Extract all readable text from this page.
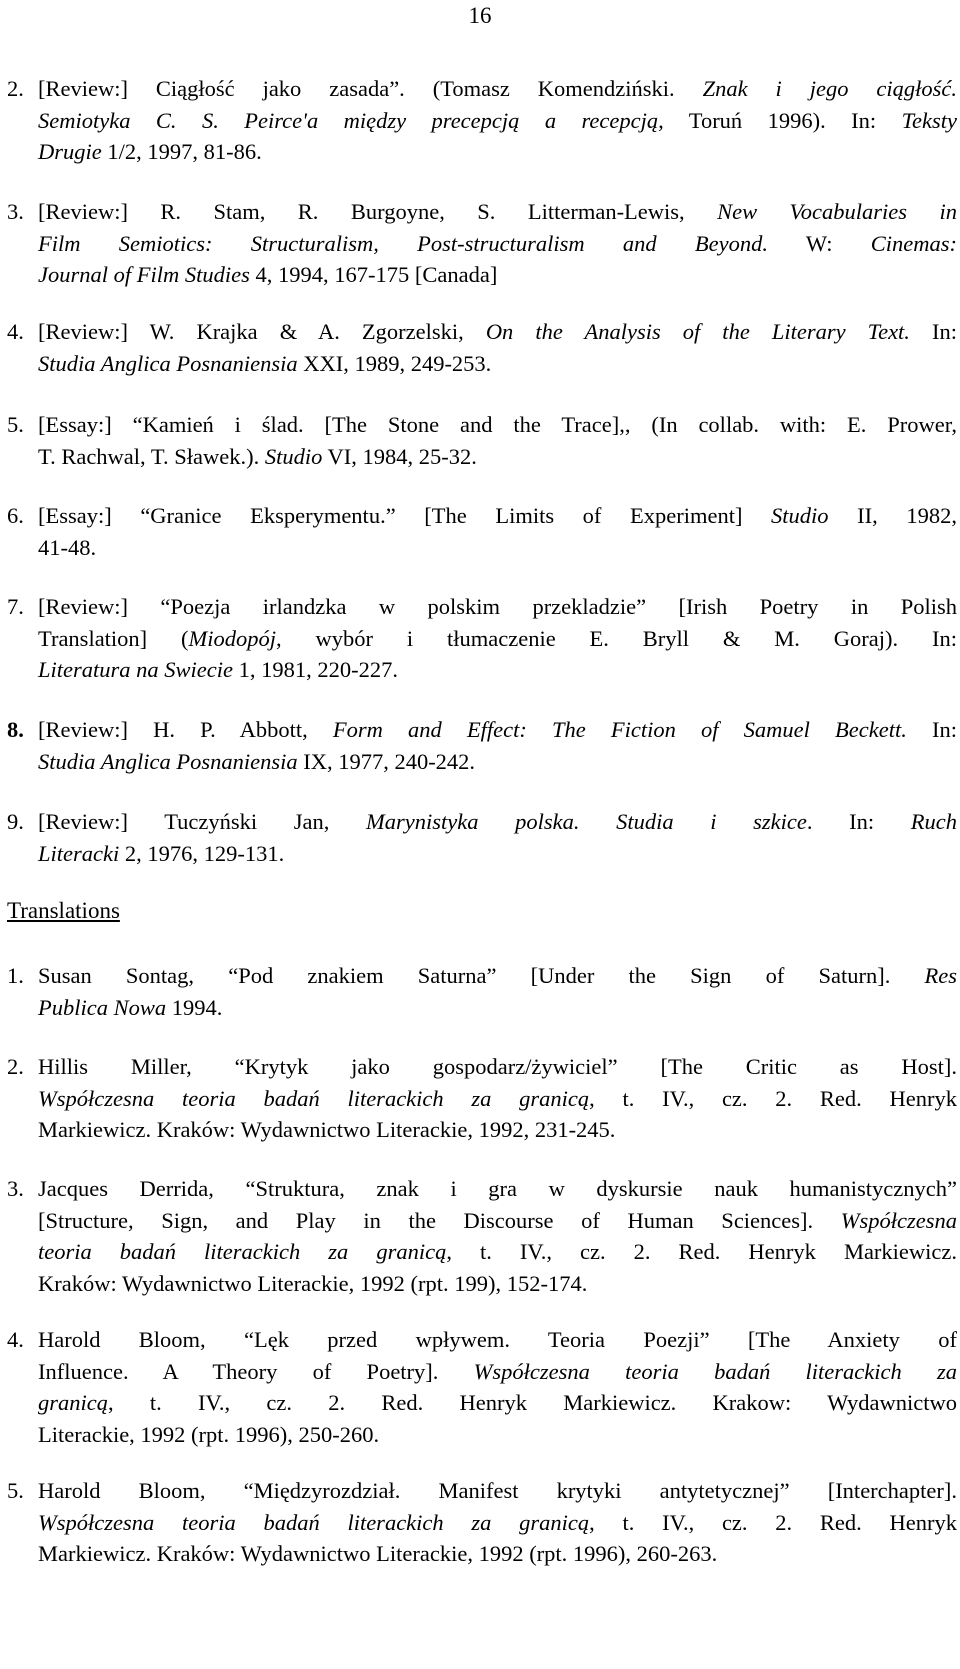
16
2. [Review:] Ciągłość jako zasada”. (Tomasz Komendziński. Znak i jego ciągłość.
Semiotyka C. S. Peirce'a między precepcją a recepcją, Toruń 1996). In: Teksty
Drugie 1/2, 1997, 81-86.
3. [Review:] R. Stam, R. Burgoyne, S. Litterman-Lewis, New Vocabularies in
Film Semiotics: Structuralism, Post-structuralism and Beyond. W: Cinemas:
Journal of Film Studies 4, 1994, 167-175 [Canada]
4. [Review:] W. Krajka & A. Zgorzelski, On the Analysis of the Literary Text. In:
Studia Anglica Posnaniensia XXI, 1989, 249-253.
5. [Essay:] “Kamień i ślad. [The Stone and the Trace],, (In collab. with: E. Prower,
T. Rachwal, T. Sławek.). Studio VI, 1984, 25-32.
6. [Essay:] “Granice Eksperymentu.” [The Limits of Experiment] Studio II, 1982,
41-48.
7. [Review:] “Poezja irlandzka w polskim przekladzie” [Irish Poetry in Polish
Translation] (Miodopój, wybór i tłumaczenie E. Bryll & M. Goraj). In:
Literatura na Swiecie 1, 1981, 220-227.
8. [Review:] H. P. Abbott, Form and Effect: The Fiction of Samuel Beckett. In:
Studia Anglica Posnaniensia IX, 1977, 240-242.
9. [Review:] Tuczyński Jan, Marynistyka polska. Studia i szkice. In: Ruch
Literacki 2, 1976, 129-131.
Translations
1. Susan Sontag, “Pod znakiem Saturna” [Under the Sign of Saturn]. Res
Publica Nowa 1994.
2. Hillis Miller, “Krytyk jako gospodarz/żywiciel” [The Critic as Host].
Współczesna teoria badań literackich za granicą, t. IV., cz. 2. Red. Henryk
Markiewicz. Kraków: Wydawnictwo Literackie, 1992, 231-245.
3. Jacques Derrida, “Struktura, znak i gra w dyskursie nauk humanistycznych”
[Structure, Sign, and Play in the Discourse of Human Sciences]. Współczesna
teoria badań literackich za granicą, t. IV., cz. 2. Red. Henryk Markiewicz.
Kraków: Wydawnictwo Literackie, 1992 (rpt. 199), 152-174.
4. Harold Bloom, “Lęk przed wpływem. Teoria Poezji” [The Anxiety of
Influence. A Theory of Poetry]. Współczesna teoria badań literackich za
granicą, t. IV., cz. 2. Red. Henryk Markiewicz. Krakow: Wydawnictwo
Literackie, 1992 (rpt. 1996), 250-260.
5. Harold Bloom, “Międzyrozdział. Manifest krytyki antytetycznej” [Interchapter].
Współczesna teoria badań literackich za granicą, t. IV., cz. 2. Red. Henryk
Markiewicz. Kraków: Wydawnictwo Literackie, 1992 (rpt. 1996), 260-263.
